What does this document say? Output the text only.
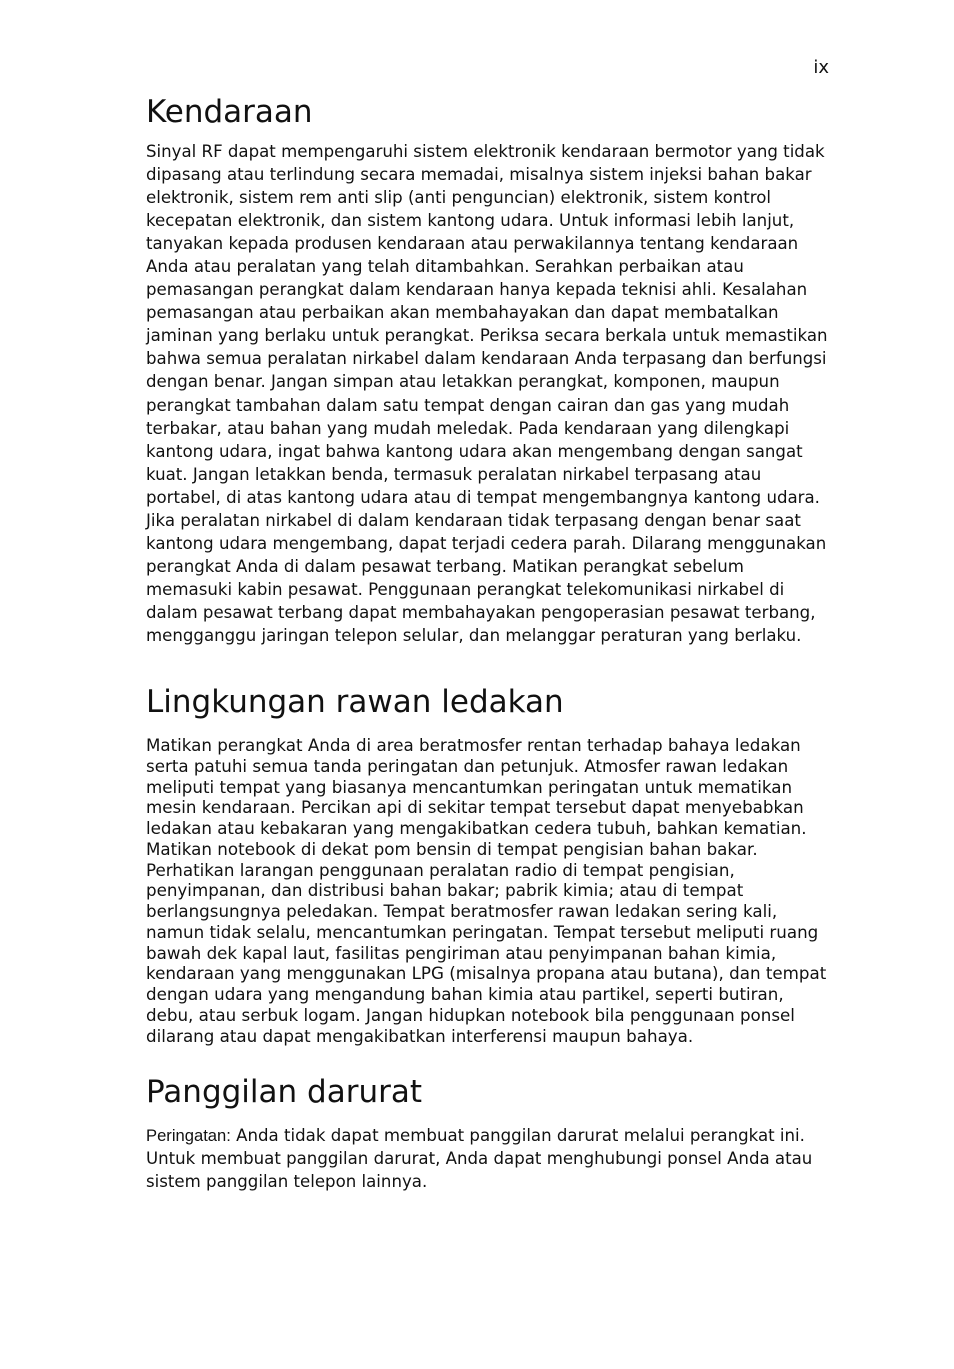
ix
Kendaraan

Sinyal RF dapat mempengaruhi sistem elektronik kendaraan bermotor yang tidak dipasang atau terlindung secara memadai, misalnya sistem injeksi bahan bakar elektronik, sistem rem anti slip (anti penguncian) elektronik, sistem kontrol kecepatan elektronik, dan sistem kantong udara. Untuk informasi lebih lanjut, tanyakan kepada produsen kendaraan atau perwakilannya tentang kendaraan Anda atau peralatan yang telah ditambahkan. Serahkan perbaikan atau pemasangan perangkat dalam kendaraan hanya kepada teknisi ahli. Kesalahan pemasangan atau perbaikan akan membahayakan dan dapat membatalkan jaminan yang berlaku untuk perangkat. Periksa secara berkala untuk memastikan bahwa semua peralatan nirkabel dalam kendaraan Anda terpasang dan berfungsi dengan benar. Jangan simpan atau letakkan perangkat, komponen, maupun perangkat tambahan dalam satu tempat dengan cairan dan gas yang mudah terbakar, atau bahan yang mudah meledak. Pada kendaraan yang dilengkapi kantong udara, ingat bahwa kantong udara akan mengembang dengan sangat kuat. Jangan letakkan benda, termasuk peralatan nirkabel terpasang atau portabel, di atas kantong udara atau di tempat mengembangnya kantong udara. Jika peralatan nirkabel di dalam kendaraan tidak terpasang dengan benar saat kantong udara mengembang, dapat terjadi cedera parah. Dilarang menggunakan perangkat Anda di dalam pesawat terbang. Matikan perangkat sebelum memasuki kabin pesawat. Penggunaan perangkat telekomunikasi nirkabel di dalam pesawat terbang dapat membahayakan pengoperasian pesawat terbang, mengganggu jaringan telepon selular, dan melanggar peraturan yang berlaku.

Lingkungan rawan ledakan

Matikan perangkat Anda di area beratmosfer rentan terhadap bahaya ledakan serta patuhi semua tanda peringatan dan petunjuk. Atmosfer rawan ledakan meliputi tempat yang biasanya mencantumkan peringatan untuk mematikan mesin kendaraan. Percikan api di sekitar tempat tersebut dapat menyebabkan ledakan atau kebakaran yang mengakibatkan cedera tubuh, bahkan kematian. Matikan notebook di dekat pom bensin di tempat pengisian bahan bakar. Perhatikan larangan penggunaan peralatan radio di tempat pengisian, penyimpanan, dan distribusi bahan bakar; pabrik kimia; atau di tempat berlangsungnya peledakan. Tempat beratmosfer rawan ledakan sering kali, namun tidak selalu, mencantumkan peringatan. Tempat tersebut meliputi ruang bawah dek kapal laut, fasilitas pengiriman atau penyimpanan bahan kimia, kendaraan yang menggunakan LPG (misalnya propana atau butana), dan tempat dengan udara yang mengandung bahan kimia atau partikel, seperti butiran, debu, atau serbuk logam. Jangan hidupkan notebook bila penggunaan ponsel dilarang atau dapat mengakibatkan interferensi maupun bahaya.

Panggilan darurat

Peringatan: Anda tidak dapat membuat panggilan darurat melalui perangkat ini. Untuk membuat panggilan darurat, Anda dapat menghubungi ponsel Anda atau sistem panggilan telepon lainnya.
